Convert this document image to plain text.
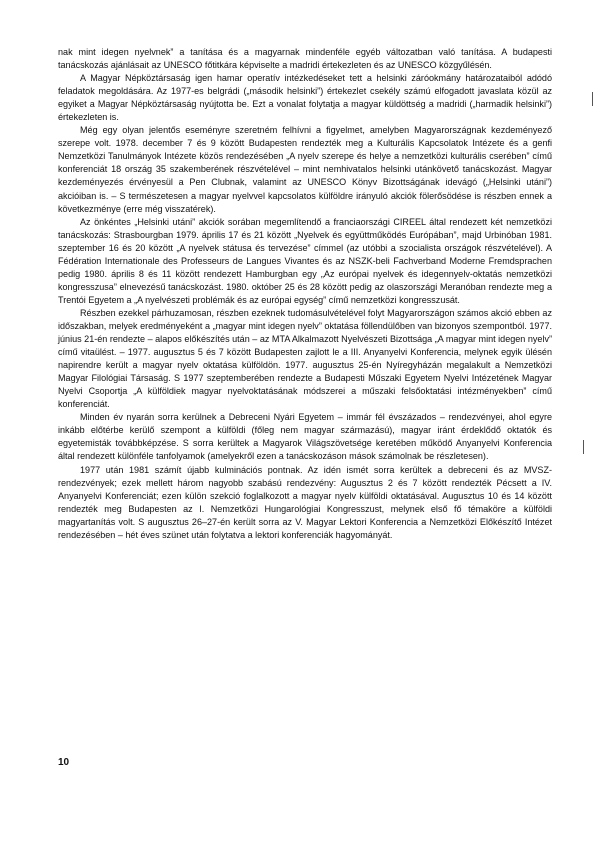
nak mint idegen nyelvnek” a tanítása és a magyarnak mindenféle egyéb változatban való tanítása. A budapesti tanácskozás ajánlásait az UNESCO főtitkára képviselte a madridi értekezleten és az UNESCO közgyűlésén.

A Magyar Népköztársaság igen hamar operatív intézkedéseket tett a helsinki záróokmány határozataiból adódó feladatok megoldására. Az 1977-es belgrádi („második helsinki”) értekezlet csekély számú elfogadott javaslata közül az egyiket a Magyar Népköztársaság nyújtotta be. Ezt a vonalat folytatja a magyar küldöttség a madridi („harmadik helsinki”) értekezleten is.

Még egy olyan jelentős eseményre szeretném felhívni a figyelmet, amelyben Magyarországnak kezdeményező szerepe volt. 1978. december 7 és 9 között Budapesten rendezték meg a Kulturális Kapcsolatok Intézete és a genfi Nemzetközi Tanulmányok Intézete közös rendezésében „A nyelv szerepe és helye a nemzetközi kulturális cserében” című konferenciát 18 ország 35 szakemberének részvételével – mint nemhivatalos helsinki utánkövető tanácskozást. Magyar kezdeményezés érvényesül a Pen Clubnak, valamint az UNESCO Könyv Bizottságának idevágó („Helsinki utáni”) akcióiban is. – S természetesen a magyar nyelvvel kapcsolatos külföldre irányuló akciók fölerősödése is részben ennek a következménye (erre még visszatérek).

Az önkéntes „Helsinki utáni” akciók sorában megemlítendő a franciaországi CIREEL által rendezett két nemzetközi tanácskozás: Strasbourgban 1979. április 17 és 21 között „Nyelvek és együttműködés Európában”, majd Urbinóban 1981. szeptember 16 és 20 között „A nyelvek státusa és tervezése” címmel (az utóbbi a szocialista országok részvételével). A Fédération Internationale des Professeurs de Langues Vivantes és az NSZK-beli Fachverband Moderne Fremdsprachen pedig 1980. április 8 és 11 között rendezett Hamburgban egy „Az európai nyelvek és idegennyelv-oktatás nemzetközi kongresszusa” elnevezésű tanácskozást. 1980. október 25 és 28 között pedig az olaszországi Meranóban rendezte meg a Trentói Egyetem a „A nyelvészeti problémák és az európai egység” című nemzetközi kongresszusát.

Részben ezekkel párhuzamosan, részben ezeknek tudomásulvételével folyt Magyarországon számos akció ebben az időszakban, melyek eredményeként a „magyar mint idegen nyelv” oktatása föllendülőben van bizonyos szempontból. 1977. június 21-én rendezte – alapos előkészítés után – az MTA Alkalmazott Nyelvészeti Bizottsága „A magyar mint idegen nyelv” című vitaülést. – 1977. augusztus 5 és 7 között Budapesten zajlott le a III. Anyanyelvi Konferencia, melynek egyik ülésén napirendre került a magyar nyelv oktatása külföldön. 1977. augusztus 25-én Nyíregyházán megalakult a Nemzetközi Magyar Filológiai Társaság. S 1977 szeptemberében rendezte a Budapesti Műszaki Egyetem Nyelvi Intézetének Magyar Nyelvi Csoportja „A külföldiek magyar nyelvoktatásának módszerei a műszaki felsőoktatási intézményekben” című konferenciát.

Minden év nyarán sorra kerülnek a Debreceni Nyári Egyetem – immár fél évszázados – rendezvényei, ahol egyre inkább előtérbe kerülő szempont a külföldi (főleg nem magyar származású), magyar iránt érdeklődő oktatók és egyetemisták továbbképzése. S sorra kerültek a Magyarok Világszövetsége keretében működő Anyanyelvi Konferencia által rendezett különféle tanfolyamok (amelyekről ezen a tanácskozáson mások számolnak be részletesen).

1977 után 1981 számít újabb kulminációs pontnak. Az idén ismét sorra kerültek a debreceni és az MVSZ-rendezvények; ezek mellett három nagyobb szabású rendezvény: Augusztus 2 és 7 között rendezték Pécsett a IV. Anyanyelvi Konferenciát; ezen külön szekció foglalkozott a magyar nyelv külföldi oktatásával. Augusztus 10 és 14 között rendezték meg Budapesten az I. Nemzetközi Hungarológiai Kongresszust, melynek első fő témaköre a külföldi magyartanítás volt. S augusztus 26–27-én került sorra az V. Magyar Lektori Konferencia a Nemzetközi Előkészítő Intézet rendezésében – hét éves szünet után folytatva a lektori konferenciák hagyományát.

10
